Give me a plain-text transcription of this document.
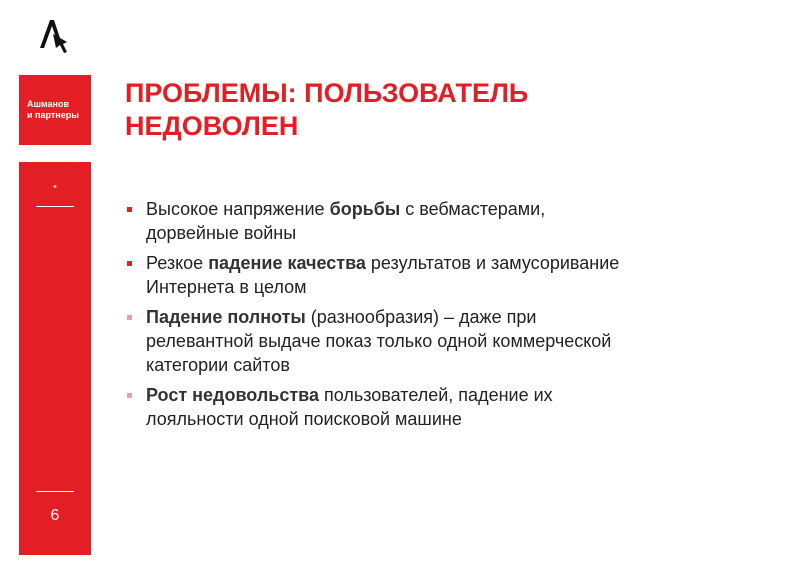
Ашманов
и партнеры
•
6
ПРОБЛЕМЫ: ПОЛЬЗОВАТЕЛЬ
НЕДОВОЛЕН
Высокое напряжение борьбы с вебмастерами,
дорвейные войны
Резкое падение качества результатов и замусоривание
Интернета в целом
Падение полноты (разнообразия) – даже при
релевантной выдаче показ только одной коммерческой
категории сайтов
Рост недовольства пользователей, падение их
лояльности одной поисковой машине
